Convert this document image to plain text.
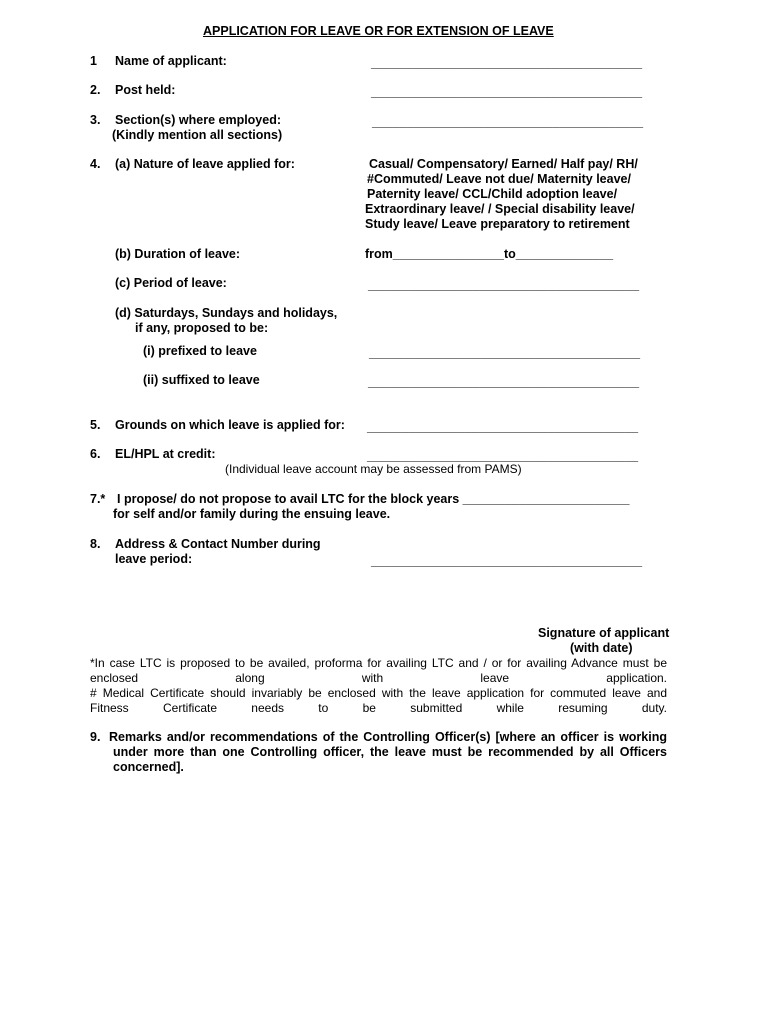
APPLICATION FOR LEAVE OR FOR EXTENSION OF LEAVE
1 Name of applicant:	_______________________________________
2. Post held:	_______________________________________
3. Section(s) where employed:
(Kindly mention all sections)
_______________________________________
4. (a) Nature of leave applied for:	Casual/ Compensatory/ Earned/ Half pay/ RH/
#Commuted/ Leave not due/ Maternity leave/
Paternity leave/ CCL/Child adoption leave/
Extraordinary leave/ / Special disability leave/
Study leave/ Leave preparatory to retirement
(b) Duration of leave:	from________________to______________
(c) Period of leave:	_______________________________________
(d) Saturdays, Sundays and holidays,
if any, proposed to be:
(i) prefixed to leave	_______________________________________
(ii) suffixed to leave	_______________________________________
5. Grounds on which leave is applied for: _______________________________________
6. EL/HPL at credit:	_______________________________________
(Individual leave account may be assessed from PAMS)
7.* I propose/ do not propose to avail LTC for the block years ________________________
for self and/or family during the ensuing leave.
8. Address & Contact Number during
leave period:	_______________________________________
Signature of applicant
(with date)
*In case LTC is proposed to be availed, proforma for availing LTC and / or for availing Advance must be enclosed along with leave application.
# Medical Certificate should invariably be enclosed with the leave application for commuted leave and Fitness Certificate needs to be submitted while resuming duty.
9. Remarks and/or recommendations of the Controlling Officer(s) [where an officer is working
under more than one Controlling officer, the leave must be recommended by all Officers
concerned].
